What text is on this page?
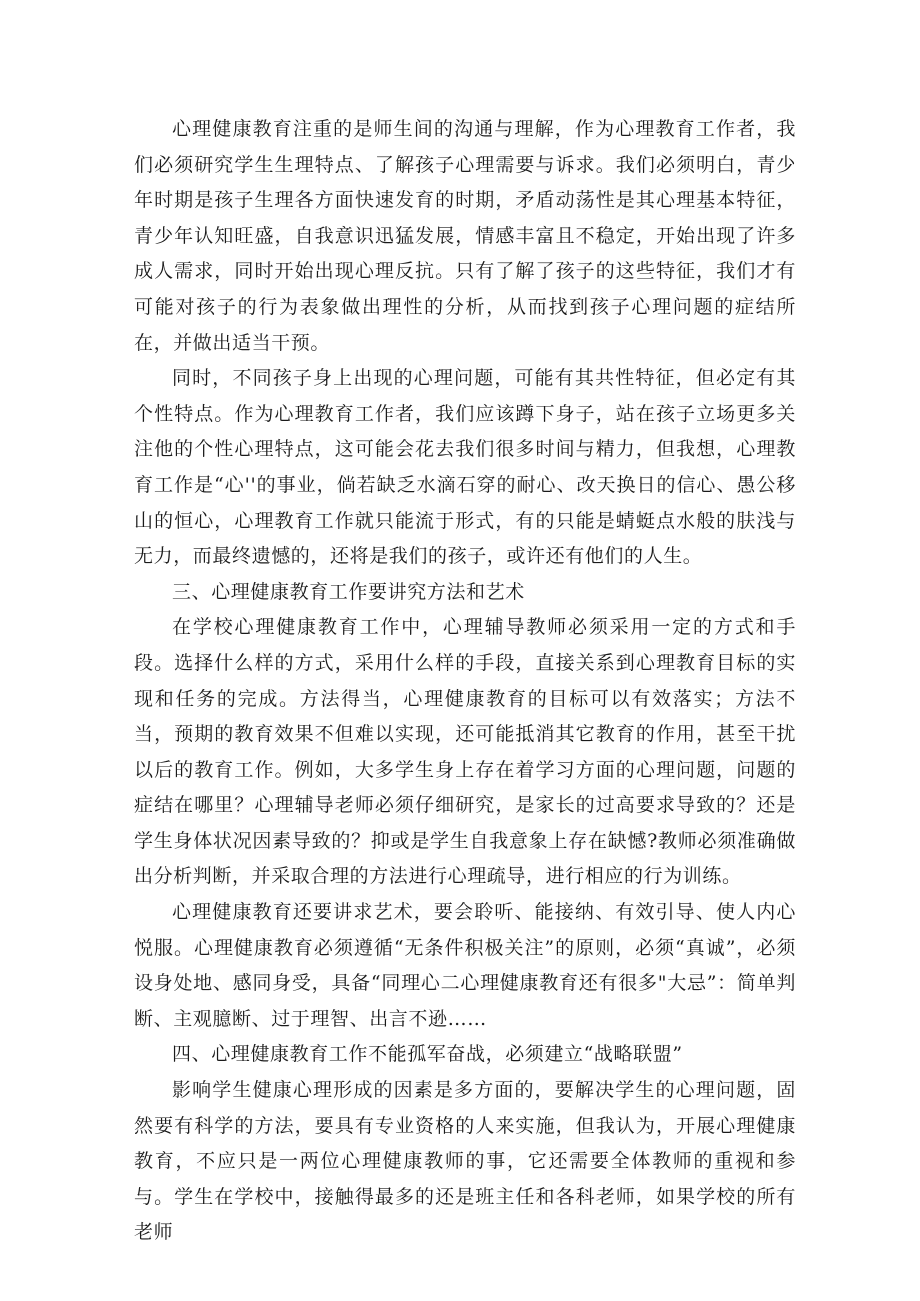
心理健康教育注重的是师生间的沟通与理解，作为心理教育工作者，我们必须研究学生生理特点、了解孩子心理需要与诉求。我们必须明白，青少年时期是孩子生理各方面快速发育的时期，矛盾动荡性是其心理基本特征，青少年认知旺盛，自我意识迅猛发展，情感丰富且不稳定，开始出现了许多成人需求，同时开始出现心理反抗。只有了解了孩子的这些特征，我们才有可能对孩子的行为表象做出理性的分析，从而找到孩子心理问题的症结所在，并做出适当干预。

同时，不同孩子身上出现的心理问题，可能有其共性特征，但必定有其个性特点。作为心理教育工作者，我们应该蹲下身子，站在孩子立场更多关注他的个性心理特点，这可能会花去我们很多时间与精力，但我想，心理教育工作是“心''的事业，倘若缺乏水滴石穿的耐心、改天换日的信心、愚公移山的恒心，心理教育工作就只能流于形式，有的只能是蜻蜓点水般的肤浅与无力，而最终遗憾的，还将是我们的孩子，或许还有他们的人生。

三、心理健康教育工作要讲究方法和艺术

在学校心理健康教育工作中，心理辅导教师必须采用一定的方式和手段。选择什么样的方式，采用什么样的手段，直接关系到心理教育目标的实现和任务的完成。方法得当，心理健康教育的目标可以有效落实；方法不当，预期的教育效果不但难以实现，还可能抵消其它教育的作用，甚至干扰以后的教育工作。例如，大多学生身上存在着学习方面的心理问题，问题的症结在哪里？心理辅导老师必须仔细研究，是家长的过高要求导致的？还是学生身体状况因素导致的？抑或是学生自我意象上存在缺憾?教师必须准确做出分析判断，并采取合理的方法进行心理疏导，进行相应的行为训练。

心理健康教育还要讲求艺术，要会聆听、能接纳、有效引导、使人内心悦服。心理健康教育必须遵循“无条件积极关注”的原则，必须“真诚”，必须设身处地、感同身受，具备“同理心二心理健康教育还有很多"大忌”：简单判断、主观臆断、过于理智、出言不逊……

四、心理健康教育工作不能孤军奋战，必须建立“战略联盟”

影响学生健康心理形成的因素是多方面的，要解决学生的心理问题，固然要有科学的方法，要具有专业资格的人来实施，但我认为，开展心理健康教育，不应只是一两位心理健康教师的事，它还需要全体教师的重视和参与。学生在学校中，接触得最多的还是班主任和各科老师，如果学校的所有老师
